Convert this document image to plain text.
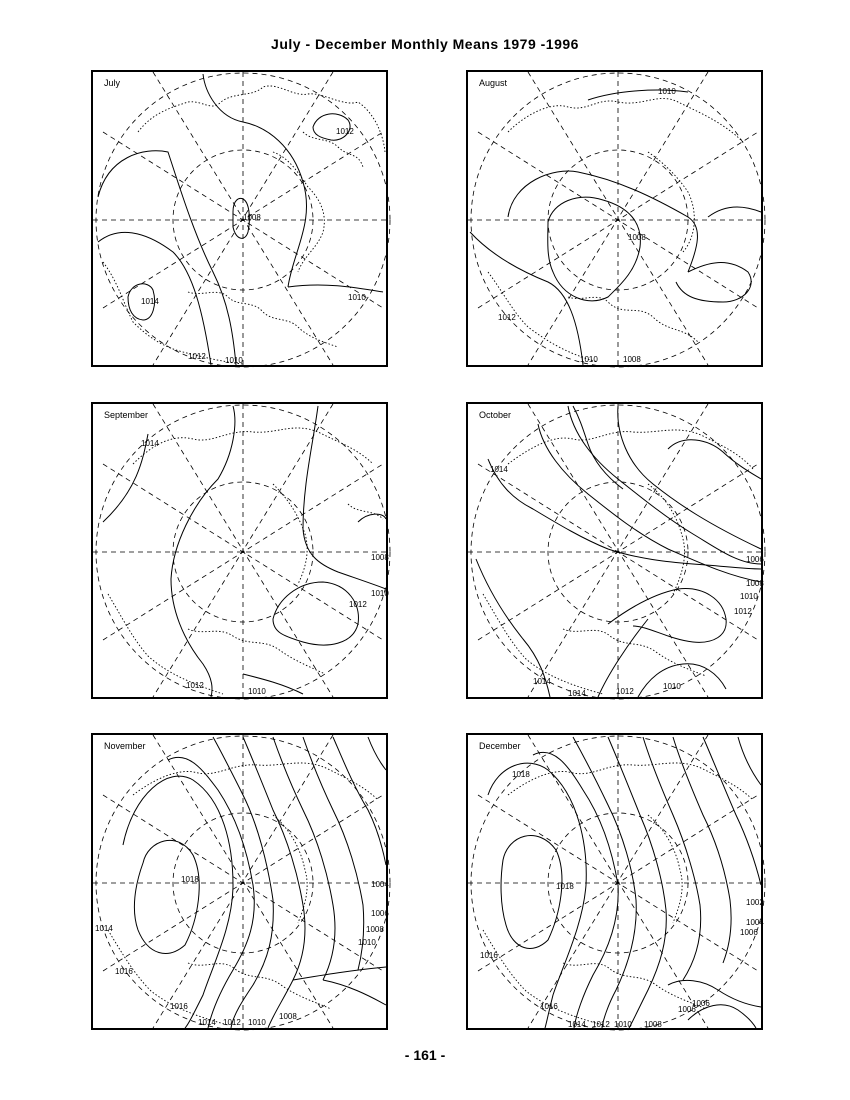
July - December Monthly Means 1979 -1996
1012
1008
1014	1010
1012 1010
July
1010
1008
1012
1010	1008
August
1014
1008
1010
1012
1012
1010
September
1014
1006
1008
1010
1012
1014
1014	1012
1010
October
1018
1014
1016
1004
1006
1008
1010
1016
1014 1012 1010
1008
November
1018
1018
1016
1002
1004
1006
1016
1014 1012 1010 1008
1006
1006
December
- 161 -
